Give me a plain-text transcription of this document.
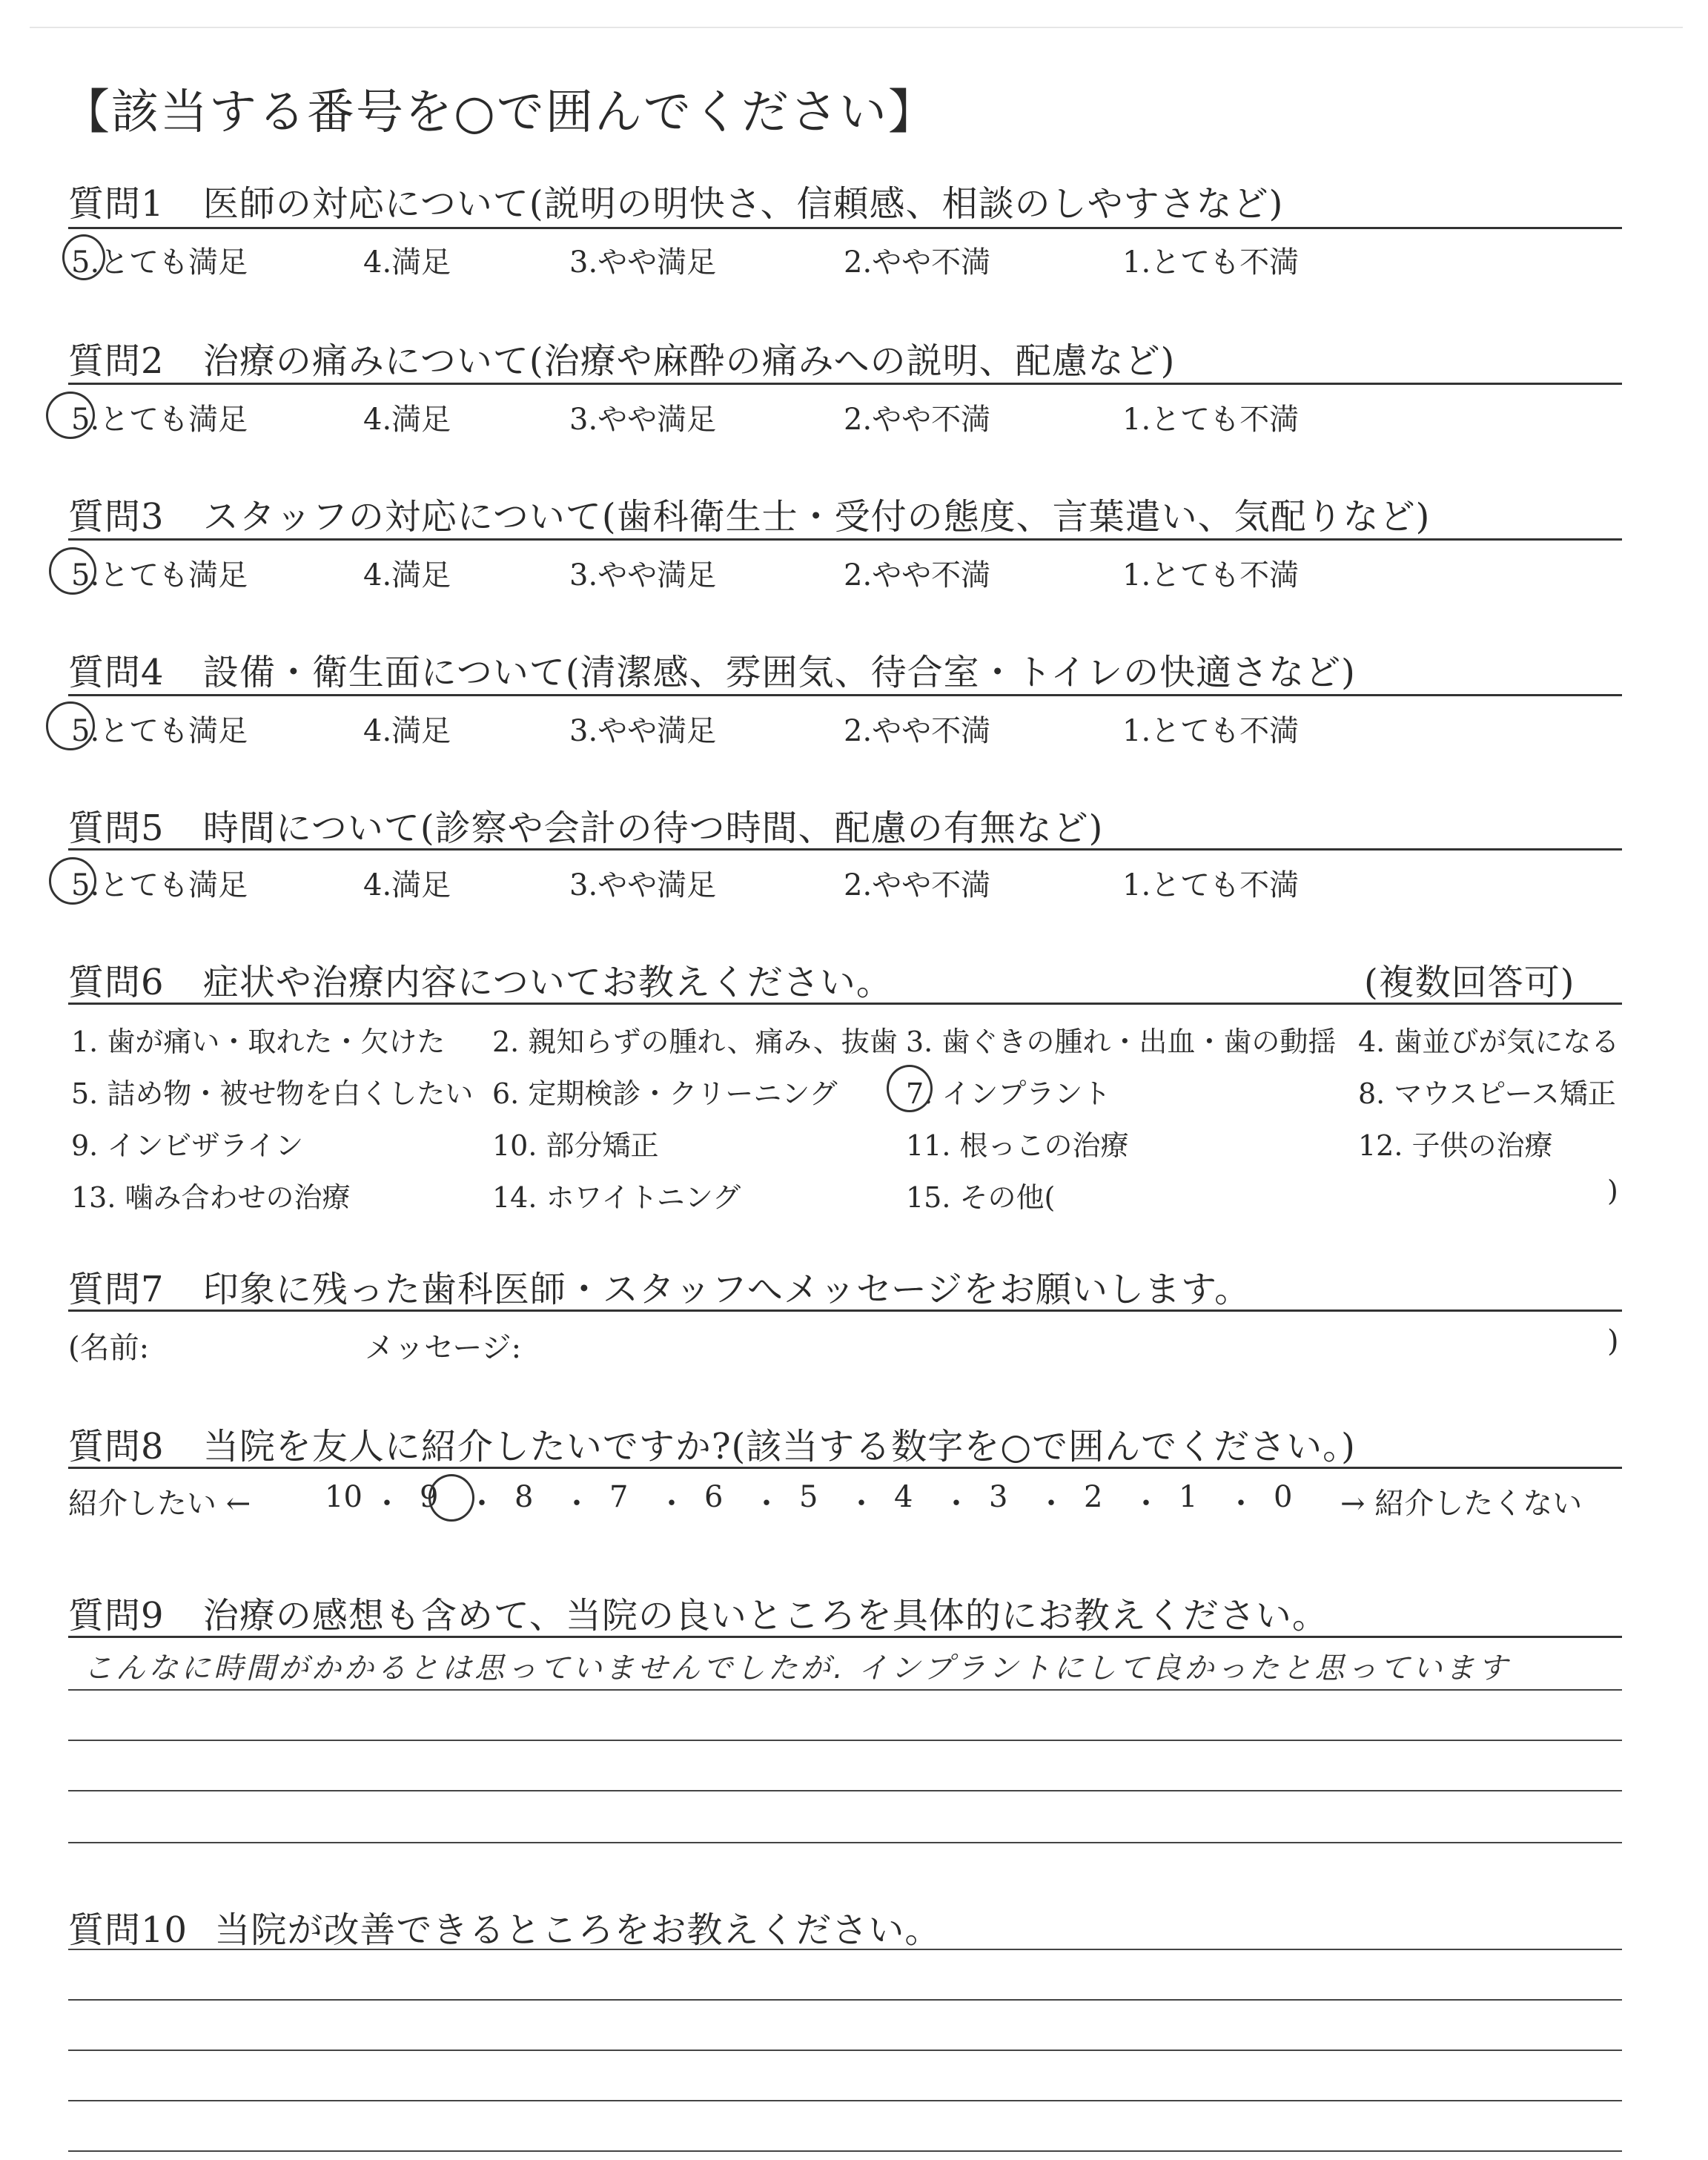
【該当する番号を○で囲んでください】
質問1 医師の対応について(説明の明快さ、信頼感、相談のしやすさなど)
5.とても満足	4.満足	3.やや満足	2.やや不満	1.とても不満
質問2 治療の痛みについて(治療や麻酔の痛みへの説明、配慮など)
5.とても満足	4.満足	3.やや満足	2.やや不満	1.とても不満
質問3 スタッフの対応について(歯科衛生士・受付の態度、言葉遣い、気配りなど)
5.とても満足	4.満足	3.やや満足	2.やや不満	1.とても不満
質問4 設備・衛生面について(清潔感、雰囲気、待合室・トイレの快適さなど)
5.とても満足	4.満足	3.やや満足	2.やや不満	1.とても不満
質問5 時間について(診察や会計の待つ時間、配慮の有無など)
5.とても満足	4.満足	3.やや満足	2.やや不満	1.とても不満
質問6 症状や治療内容についてお教えください。	(複数回答可)
1. 歯が痛い・取れた・欠けた 2. 親知らずの腫れ、痛み、抜歯 3. 歯ぐきの腫れ・出血・歯の動揺 4. 歯並びが気になる
5. 詰め物・被せ物を白くしたい 6. 定期検診・クリーニング 7. インプラント	8. マウスピース矯正
9. インビザライン	10. 部分矯正	11. 根っこの治療	12. 子供の治療
13. 噛み合わせの治療	14. ホワイトニング	15. その他(	)
質問7 印象に残った歯科医師・スタッフへメッセージをお願いします。
(名前:	メッセージ:	)
質問8 当院を友人に紹介したいですか?(該当する数字を○で囲んでください。)
紹介したい ← 10 ・ 9 ・ 8 ・ 7 ・ 6 ・ 5 ・ 4 ・ 3 ・ 2 ・ 1 ・ 0 → 紹介したくない
質問9 治療の感想も含めて、当院の良いところを具体的にお教えください。
こんなに時間がかかるとは思っていませんでしたが. インプラントにして良かったと思っています
質問10 当院が改善できるところをお教えください。
